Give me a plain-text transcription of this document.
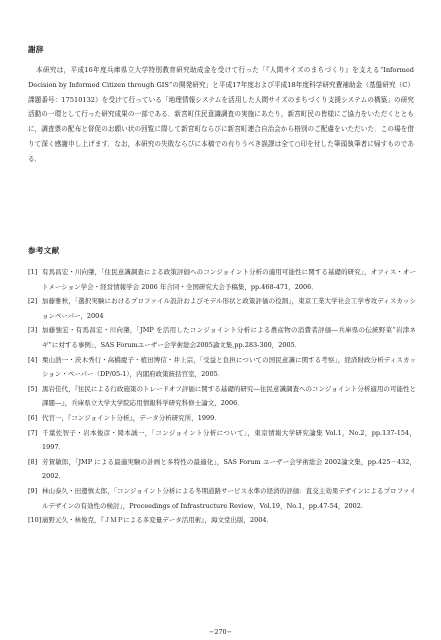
謝辞
本研究は，平成16年度兵庫県立大学特別教育研究助成金を受けて行った「『人間サイズのまちづくり』を支える“Informed Decision by Informed Citizen through GIS”の開発研究」と平成17年度および平成18年度科学研究費補助金（基盤研究（C）課題番号：17510132）を受けて行っている「地理情報システムを活用した人間サイズのまちづくり支援システムの構築」の研究活動の一環として行った研究成果の一部である．新宮町住民意識調査の実施にあたり，新宮町民の皆様にご協力をいただくとともに，調査票の配布と督促のお願い状の回覧に際して新宮町ならびに新宮町連合自治会から格別のご配慮をいただいた．この場を借りて深く感謝申し上げます．なお，本研究の失敗ならびに本稿での有りうべき誤謬は全て○印を付した筆頭執筆者に帰すものである．
参考文献
[1] 有馬昌宏・川向肇，「住民意識調査による政策評価へのコンジョイント分析の適用可能性に関する基礎的研究」，オフィス・オートメーション学会・経営情報学会 2006 年合同・全国研究大会予稿集，pp.468-471，2006．
[2] 加藤雅秋，「選択実験におけるプロファイル設計およびモデル形状と政策評価の役割」，東京工業大学社会工学専攻ディスカッションペーパー，2004
[3] 加藤強宏・有馬昌宏・川向肇，「JMP を活用したコンジョイント分析による農産物の消費者評価―兵庫県の伝統野菜“岩津ネギ”に対する事例」，SAS Forumユーザー会学術総会2005論文集,pp.283-300，2005．
[4] 栗山浩一・茨木秀行・高橋慶子・植田博信・井上宗，「受益と負担についての国民意識に関する考察」，経済財政分析ディスカッション・ペーパー（DP/05-1），内閣府政策統括官室，2005．
[5] 黒岩佳代，『住民による行政施策のトレードオフ評価に関する基礎的研究―住民意識調査へのコンジョイント分析適用の可能性と課題―』，兵庫県立大学大学院応用情報科学研究科修士論文，2006．
[6] 代官一，『コンジョイント分析』，データ分析研究所，1999．
[7] 千葉佐智子・岩本俊彦・岡本誠一，「コンジョイント分析について」，東京情報大学研究論集 Vol.1，No.2，pp.137-154，1997．
[8] 芳賀敏郎，「JMP による最適実験の計画と多特性の最適化」，SAS Forum ユーザー会学術総会 2002論文集，pp.425－432，2002．
[9] 林山泰久・田邊慎太郎，「コンジョイント分析による冬期道路サービス水準の経済的評価：直交主効果デザインによるプロファイルデザインの有効性の検討」，Proceedings of Infrastructure Review，Vol.19，No.1，pp.47-54，2002．
[10] 廣野元久・林俊克，『ＪＭＰによる多変量データ活用術』，海文堂出版，2004．
−270−
